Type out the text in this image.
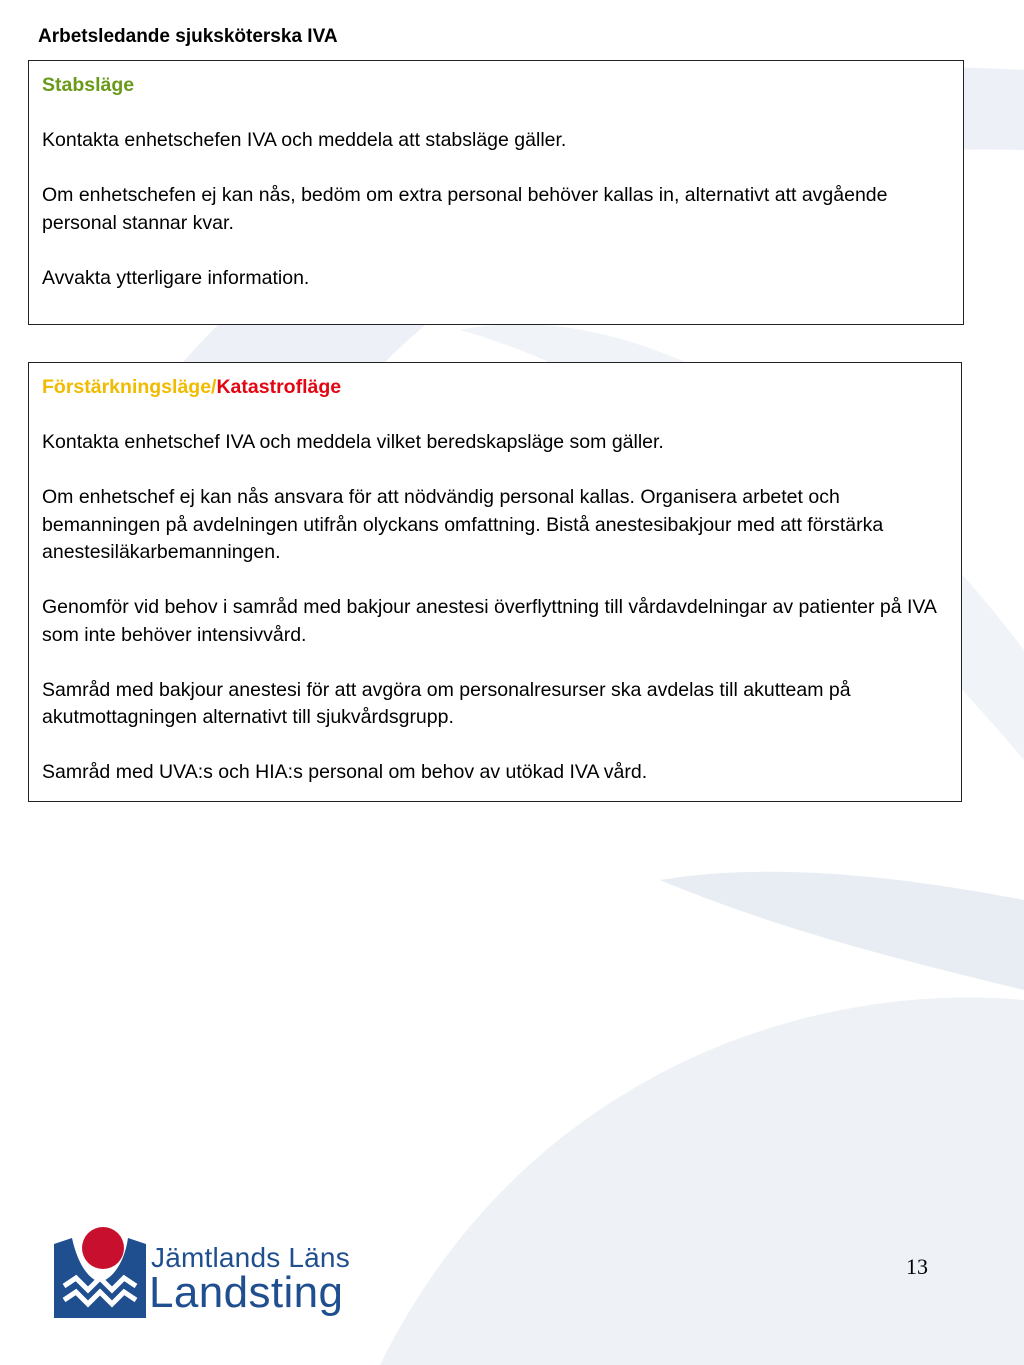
Arbetsledande sjuksköterska IVA

Stabsläge

Kontakta enhetschefen IVA och meddela att stabsläge gäller.

Om enhetschefen ej kan nås, bedöm om extra personal behöver kallas in, alternativt att avgående personal stannar kvar.

Avvakta ytterligare information.

Förstärkningsläge/Katastrofläge

Kontakta enhetschef IVA och meddela vilket beredskapsläge som gäller.

Om enhetschef ej kan nås ansvara för att nödvändig personal kallas. Organisera arbetet och bemanningen på avdelningen utifrån olyckans omfattning. Bistå anestesibakjour med att förstärka anestesiläkarbemanningen.

Genomför vid behov i samråd med bakjour anestesi överflyttning till vårdavdelningar av patienter på IVA som inte behöver intensivvård.

Samråd med bakjour anestesi för att avgöra om personalresurser ska avdelas till akutteam på akutmottagningen alternativt till sjukvårdsgrupp.

Samråd med UVA:s och HIA:s personal om behov av utökad IVA vård.

Jämtlands Läns
Landsting
13
